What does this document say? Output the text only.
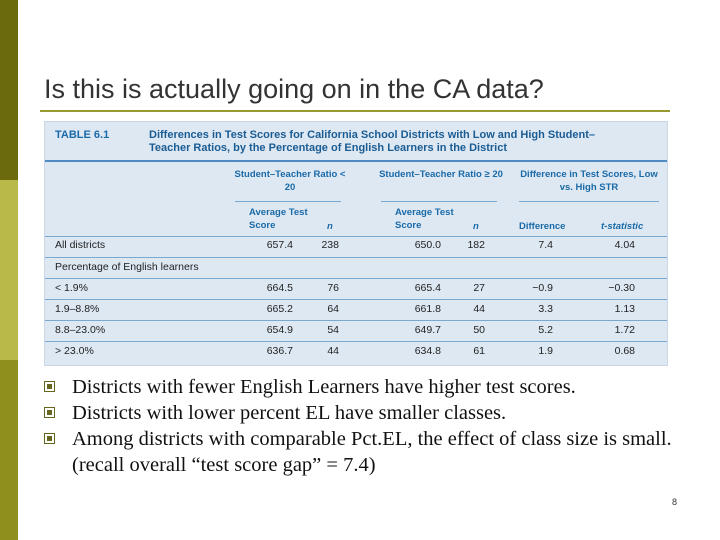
Is this is actually going on in the CA data?
TABLE 6.1	Differences in Test Scores for California School Districts with Low and High Student–Teacher Ratios, by the Percentage of English Learners in the District
Student–Teacher Ratio < 20
Student–Teacher Ratio ≥ 20	Difference in Test Scores, Low vs. High STR
Average Test Score	n
Average Test Score	n	Difference	t-statistic
All districts	657.4	238	650.0	182	7.4	4.04
Percentage of English learners
< 1.9%	664.5	76	665.4	27	−0.9	−0.30
1.9–8.8%	665.2	64	661.8	44	3.3	1.13
8.8–23.0%	654.9	54	649.7	50	5.2	1.72
> 23.0%	636.7	44	634.8	61	1.9	0.68
Districts with fewer English Learners have higher test scores.
Districts with lower percent EL have smaller classes.
Among districts with comparable Pct.EL, the effect of class size is small. (recall overall “test score gap” = 7.4)
8
